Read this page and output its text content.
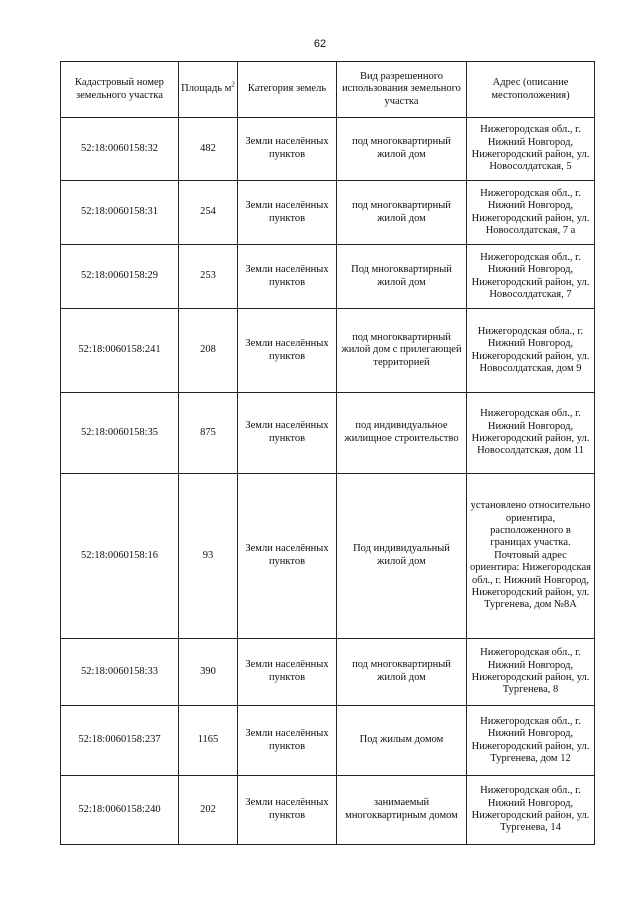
62
Кадастровый номер земельного участка	Площадь $м^2$	Категория земель	Вид разрешенного использования земельного участка	Адрес (описание местоположения)
52:18:0060158:32	482	Земли населённых пунктов	под многоквартирный жилой дом	Нижегородская обл., г. Нижний Новгород, Нижегородский район, ул. Новосолдатская, 5
52:18:0060158:31	254	Земли населённых пунктов	под многоквартирный жилой дом	Нижегородская обл., г. Нижний Новгород, Нижегородский район, ул. Новосолдатская, 7 а
52:18:0060158:29	253	Земли населённых пунктов	Под многоквартирный жилой дом	Нижегородская обл., г. Нижний Новгород, Нижегородский район, ул. Новосолдатская, 7
52:18:0060158:241	208	Земли населённых пунктов	под многоквартирный жилой дом с прилегающей территорией	Нижегородская обла., г. Нижний Новгород, Нижегородский район, ул. Новосолдатская, дом 9
52:18:0060158:35	875	Земли населённых пунктов	под индивидуальное жилищное строительство	Нижегородская обл., г. Нижний Новгород, Нижегородский район, ул. Новосолдатская, дом 11
52:18:0060158:16	93	Земли населённых пунктов	Под индивидуальный жилой дом	установлено относительно ориентира, расположенного в границах участка. Почтовый адрес ориентира: Нижегородская обл., г. Нижний Новгород, Нижегородский район, ул. Тургенева, дом №8А
52:18:0060158:33	390	Земли населённых пунктов	под многоквартирный жилой дом	Нижегородская обл., г. Нижний Новгород, Нижегородский район, ул. Тургенева, 8
52:18:0060158:237	1165	Земли населённых пунктов	Под жилым домом	Нижегородская обл., г. Нижний Новгород, Нижегородский район, ул. Тургенева, дом 12
52:18:0060158:240	202	Земли населённых пунктов	занимаемый многоквартирным домом	Нижегородская обл., г. Нижний Новгород, Нижегородский район, ул. Тургенева, 14
